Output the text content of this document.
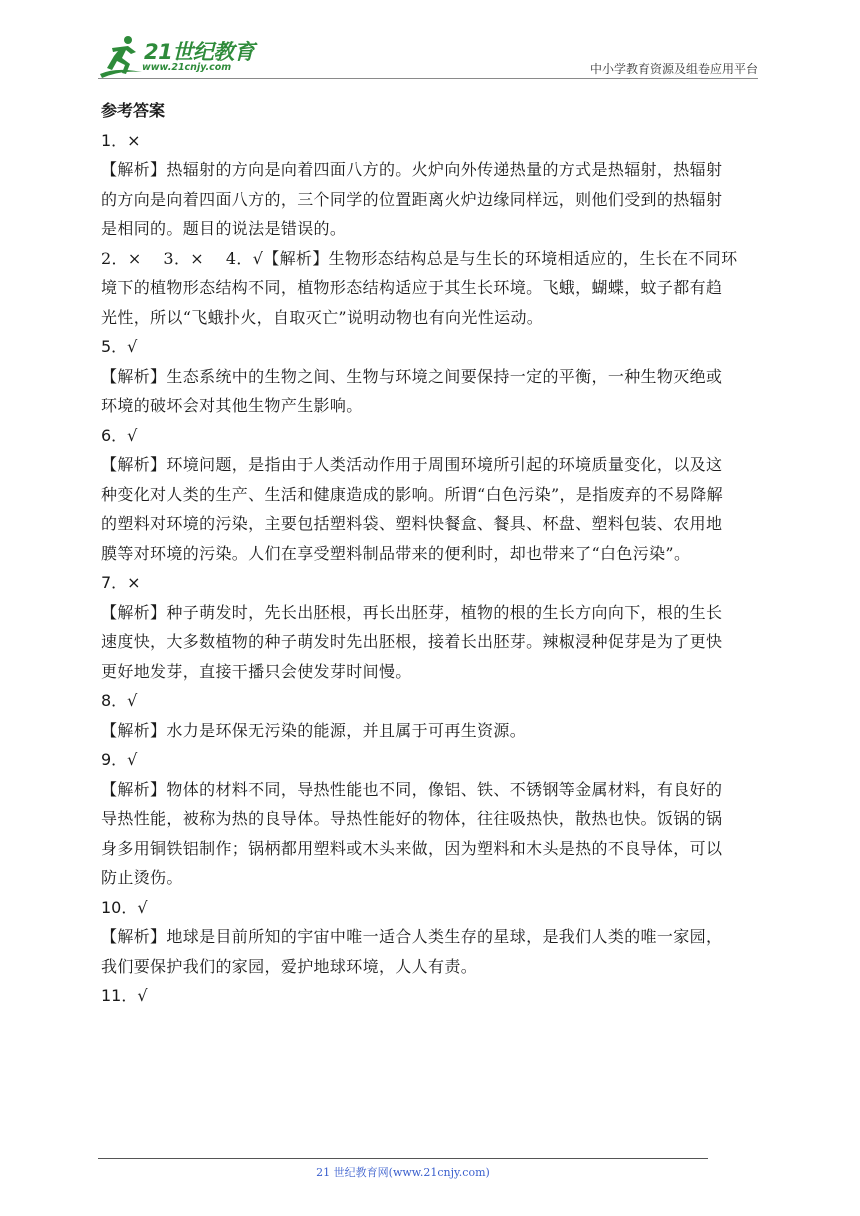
21世纪教育
www.21cnjy.com	中小学教育资源及组卷应用平台
参考答案
1．×
【解析】热辐射的方向是向着四面八方的。火炉向外传递热量的方式是热辐射，热辐射
的方向是向着四面八方的，三个同学的位置距离火炉边缘同样远，则他们受到的热辐射
是相同的。题目的说法是错误的。
2．×　 3．×　 4．√【解析】生物形态结构总是与生长的环境相适应的，生长在不同环
境下的植物形态结构不同，植物形态结构适应于其生长环境。飞蛾，蝴蝶，蚊子都有趋
光性，所以“飞蛾扑火，自取灭亡”说明动物也有向光性运动。
5．√
【解析】生态系统中的生物之间、生物与环境之间要保持一定的平衡，一种生物灭绝或
环境的破坏会对其他生物产生影响。
6．√
【解析】环境问题，是指由于人类活动作用于周围环境所引起的环境质量变化，以及这
种变化对人类的生产、生活和健康造成的影响。所谓“白色污染”，是指废弃的不易降解
的塑料对环境的污染，主要包括塑料袋、塑料快餐盒、餐具、杯盘、塑料包装、农用地
膜等对环境的污染。人们在享受塑料制品带来的便利时，却也带来了“白色污染”。
7．×
【解析】种子萌发时，先长出胚根，再长出胚芽，植物的根的生长方向向下，根的生长
速度快，大多数植物的种子萌发时先出胚根，接着长出胚芽。辣椒浸种促芽是为了更快
更好地发芽，直接干播只会使发芽时间慢。
8．√
【解析】水力是环保无污染的能源，并且属于可再生资源。
9．√
【解析】物体的材料不同，导热性能也不同，像铝、铁、不锈钢等金属材料，有良好的
导热性能，被称为热的良导体。导热性能好的物体，往往吸热快，散热也快。饭锅的锅
身多用铜铁铝制作；锅柄都用塑料或木头来做，因为塑料和木头是热的不良导体，可以
防止烫伤。
10．√
【解析】地球是目前所知的宇宙中唯一适合人类生存的星球，是我们人类的唯一家园，
我们要保护我们的家园，爱护地球环境，人人有责。
11．√
21 世纪教育网(www.21cnjy.com)
